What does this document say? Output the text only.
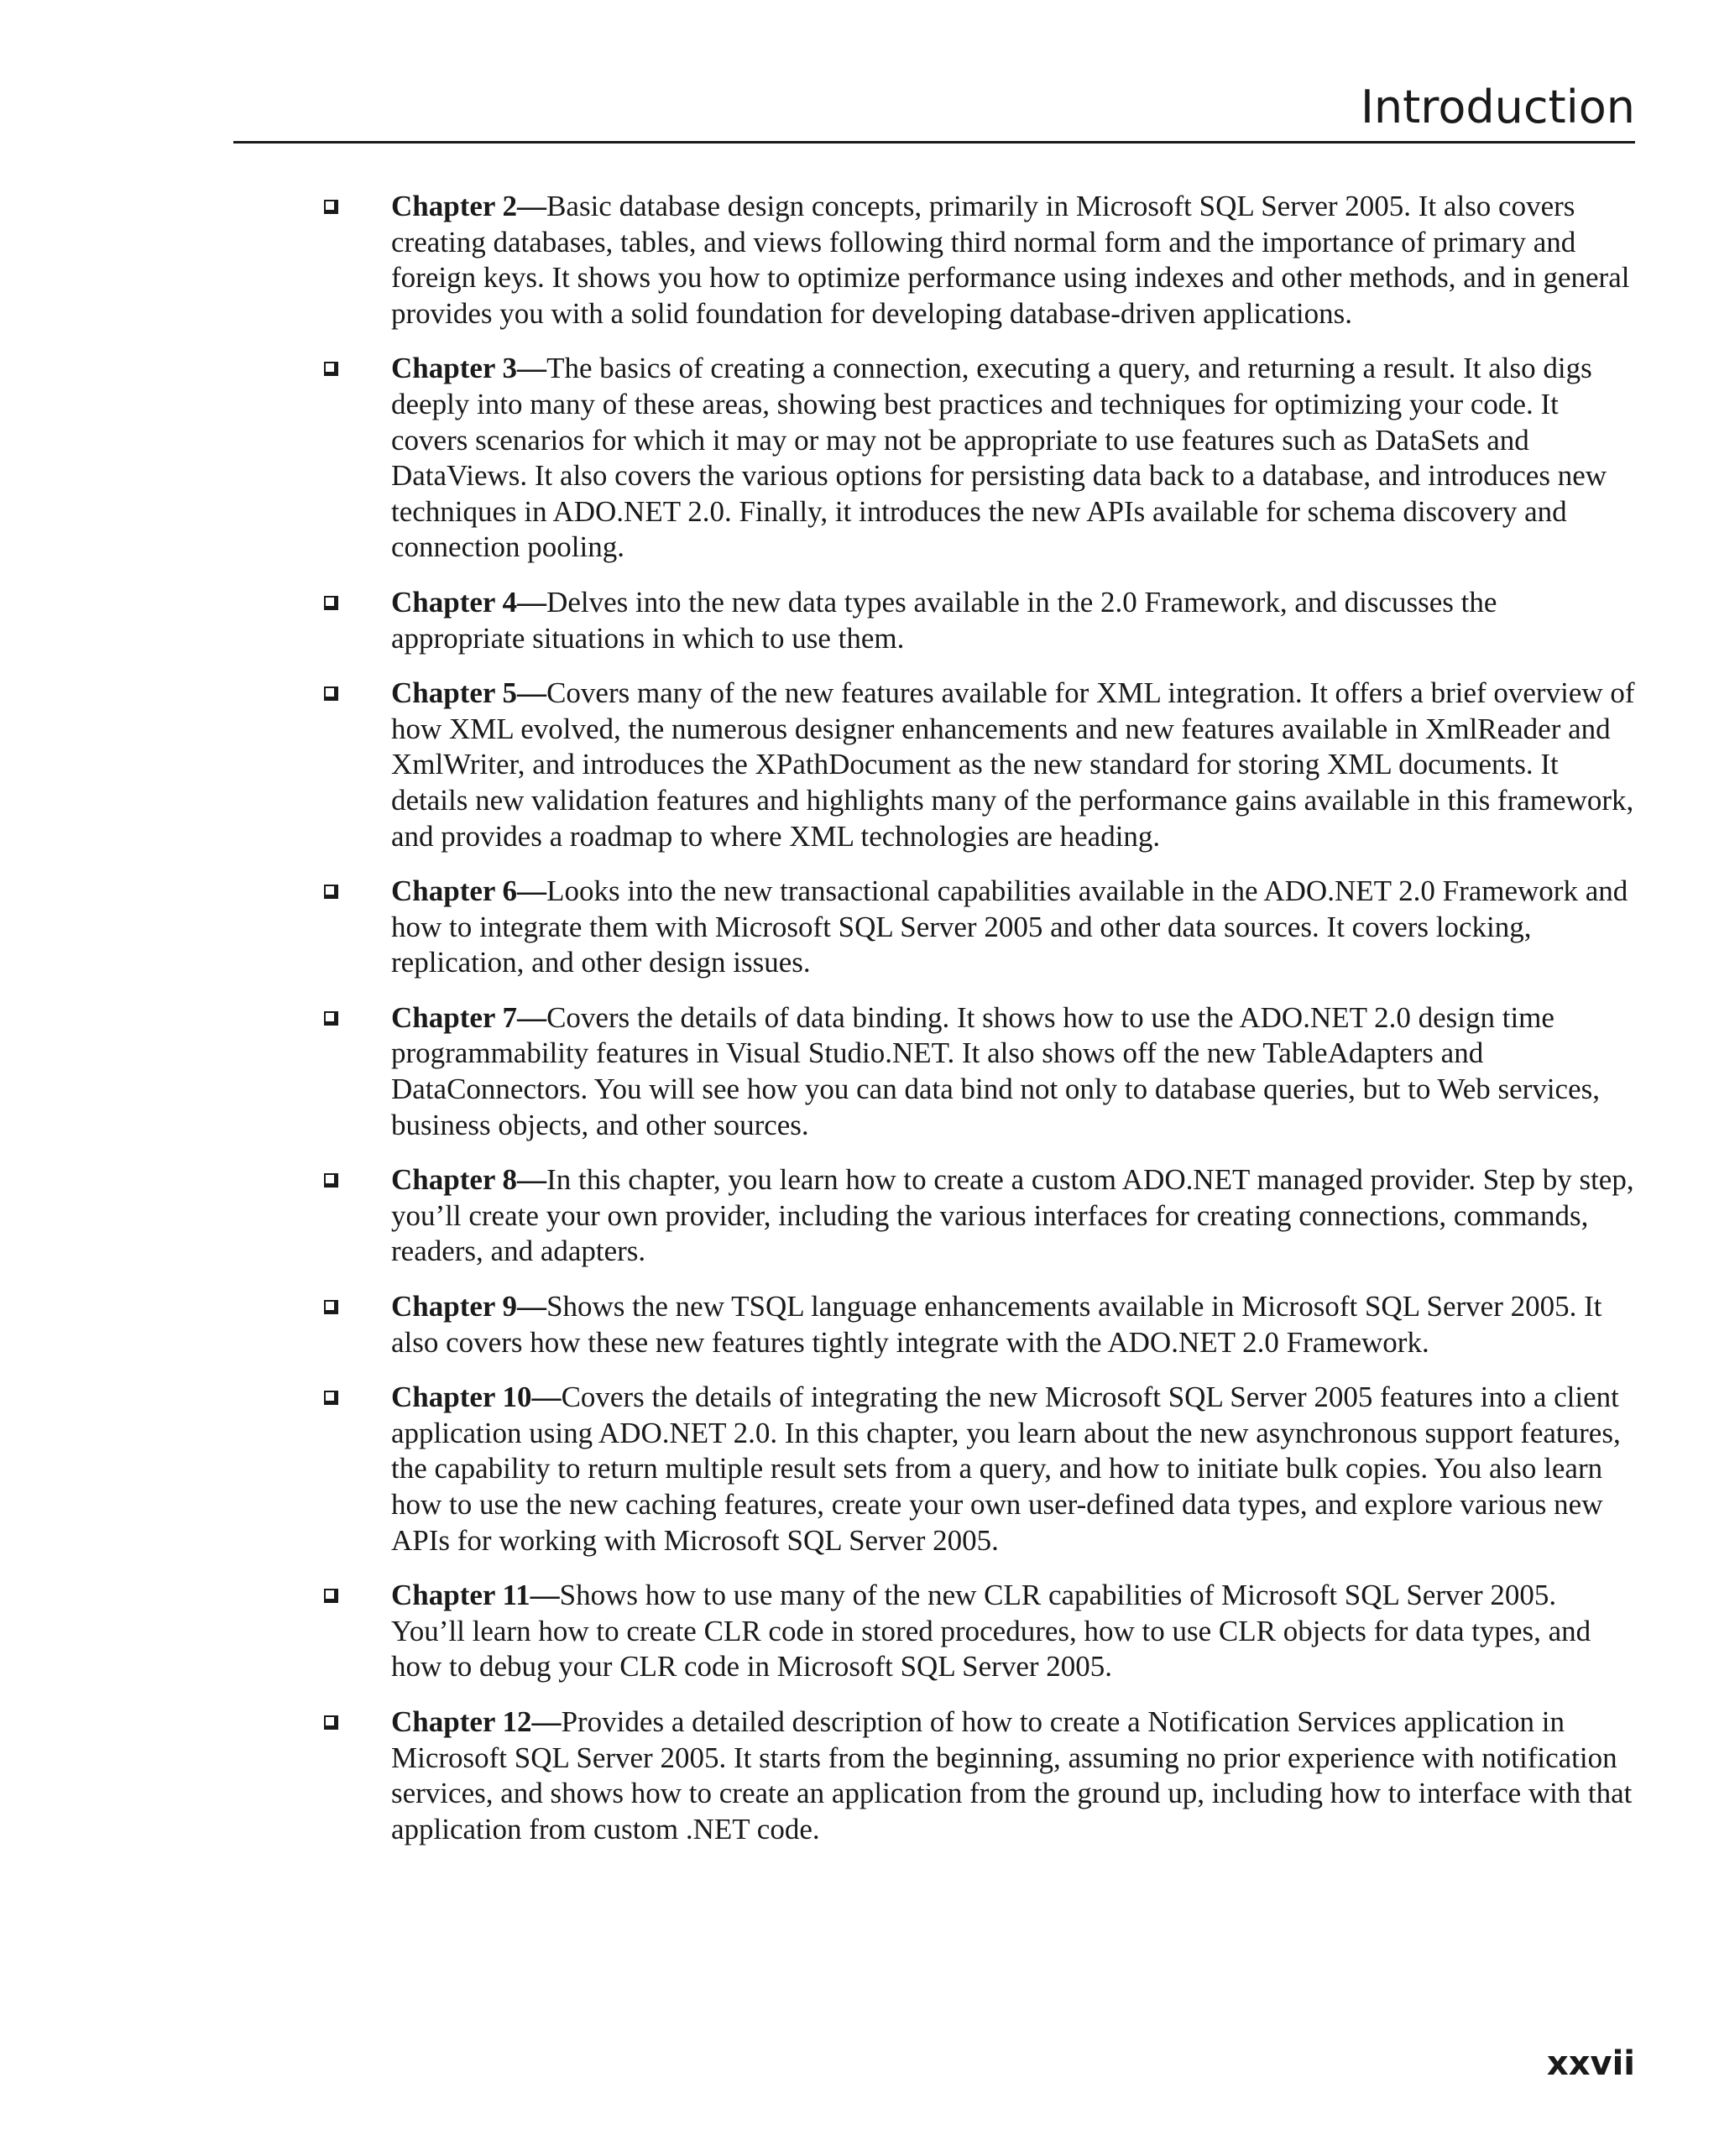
Introduction
Chapter 2—Basic database design concepts, primarily in Microsoft SQL Server 2005. It also covers creating databases, tables, and views following third normal form and the importance of primary and foreign keys. It shows you how to optimize performance using indexes and other methods, and in general provides you with a solid foundation for developing database-driven applications.
Chapter 3—The basics of creating a connection, executing a query, and returning a result. It also digs deeply into many of these areas, showing best practices and techniques for optimizing your code. It covers scenarios for which it may or may not be appropriate to use features such as DataSets and DataViews. It also covers the various options for persisting data back to a database, and introduces new techniques in ADO.NET 2.0. Finally, it introduces the new APIs available for schema discovery and connection pooling.
Chapter 4—Delves into the new data types available in the 2.0 Framework, and discusses the appropriate situations in which to use them.
Chapter 5—Covers many of the new features available for XML integration. It offers a brief overview of how XML evolved, the numerous designer enhancements and new features available in XmlReader and XmlWriter, and introduces the XPathDocument as the new standard for storing XML documents. It details new validation features and highlights many of the performance gains available in this framework, and provides a roadmap to where XML technologies are heading.
Chapter 6—Looks into the new transactional capabilities available in the ADO.NET 2.0 Framework and how to integrate them with Microsoft SQL Server 2005 and other data sources. It covers locking, replication, and other design issues.
Chapter 7—Covers the details of data binding. It shows how to use the ADO.NET 2.0 design time programmability features in Visual Studio.NET. It also shows off the new TableAdapters and DataConnectors. You will see how you can data bind not only to database queries, but to Web services, business objects, and other sources.
Chapter 8—In this chapter, you learn how to create a custom ADO.NET managed provider. Step by step, you’ll create your own provider, including the various interfaces for creating connections, commands, readers, and adapters.
Chapter 9—Shows the new TSQL language enhancements available in Microsoft SQL Server 2005. It also covers how these new features tightly integrate with the ADO.NET 2.0 Framework.
Chapter 10—Covers the details of integrating the new Microsoft SQL Server 2005 features into a client application using ADO.NET 2.0. In this chapter, you learn about the new asynchronous support features, the capability to return multiple result sets from a query, and how to initiate bulk copies. You also learn how to use the new caching features, create your own user-defined data types, and explore various new APIs for working with Microsoft SQL Server 2005.
Chapter 11—Shows how to use many of the new CLR capabilities of Microsoft SQL Server 2005. You’ll learn how to create CLR code in stored procedures, how to use CLR objects for data types, and how to debug your CLR code in Microsoft SQL Server 2005.
Chapter 12—Provides a detailed description of how to create a Notification Services application in Microsoft SQL Server 2005. It starts from the beginning, assuming no prior experience with notification services, and shows how to create an application from the ground up, including how to interface with that application from custom .NET code.
xxvii
